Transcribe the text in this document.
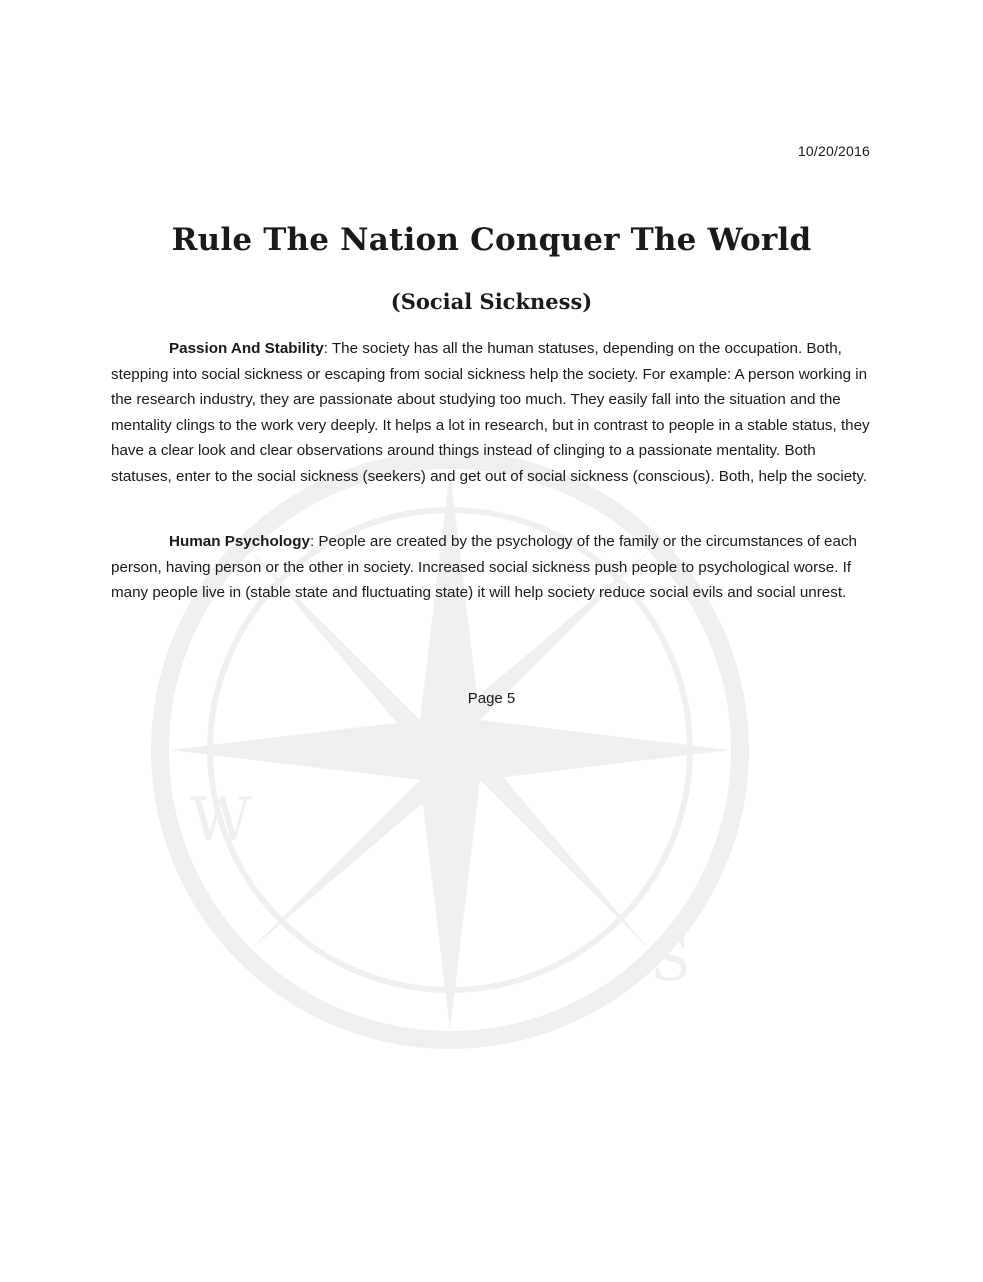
W
S
10/20/2016
Rule The Nation Conquer The World
(Social Sickness)

Passion And Stability: The society has all the human statuses, depending on the occupation. Both, stepping into social sickness or escaping from social sickness help the society. For example: A person working in the research industry, they are passionate about studying too much. They easily fall into the situation and the mentality clings to the work very deeply. It helps a lot in research, but in contrast to people in a stable status, they have a clear look and clear observations around things instead of clinging to a passionate mentality. Both statuses, enter to the social sickness (seekers) and get out of social sickness (conscious). Both, help the society.

Human Psychology: People are created by the psychology of the family or the circumstances of each person, having person or the other in society. Increased social sickness push people to psychological worse. If many people live in (stable state and fluctuating state) it will help society reduce social evils and social unrest.

Page 5
